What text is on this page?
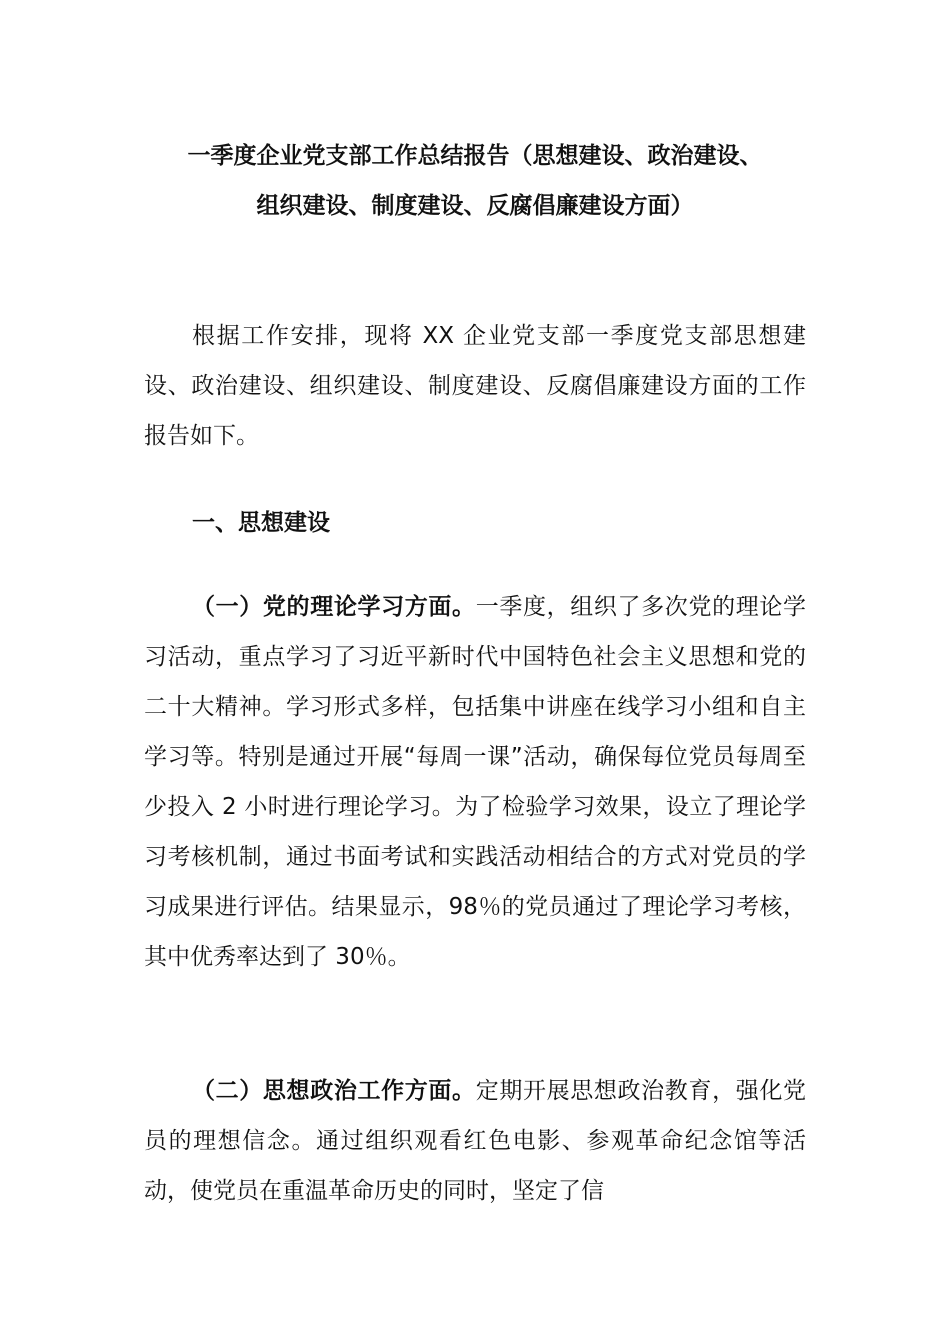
一季度企业党支部工作总结报告（思想建设、政治建设、
组织建设、制度建设、反腐倡廉建设方面）

根据工作安排，现将 XX 企业党支部一季度党支部思想建设、政治建设、组织建设、制度建设、反腐倡廉建设方面的工作报告如下。

一、思想建设

（一）党的理论学习方面。一季度，组织了多次党的理论学习活动，重点学习了习近平新时代中国特色社会主义思想和党的二十大精神。学习形式多样，包括集中讲座在线学习小组和自主学习等。特别是通过开展“每周一课”活动，确保每位党员每周至少投入 2 小时进行理论学习。为了检验学习效果，设立了理论学习考核机制，通过书面考试和实践活动相结合的方式对党员的学习成果进行评估。结果显示，98％的党员通过了理论学习考核，其中优秀率达到了 30％。

（二）思想政治工作方面。定期开展思想政治教育，强化党员的理想信念。通过组织观看红色电影、参观革命纪念馆等活动，使党员在重温革命历史的同时，坚定了信
